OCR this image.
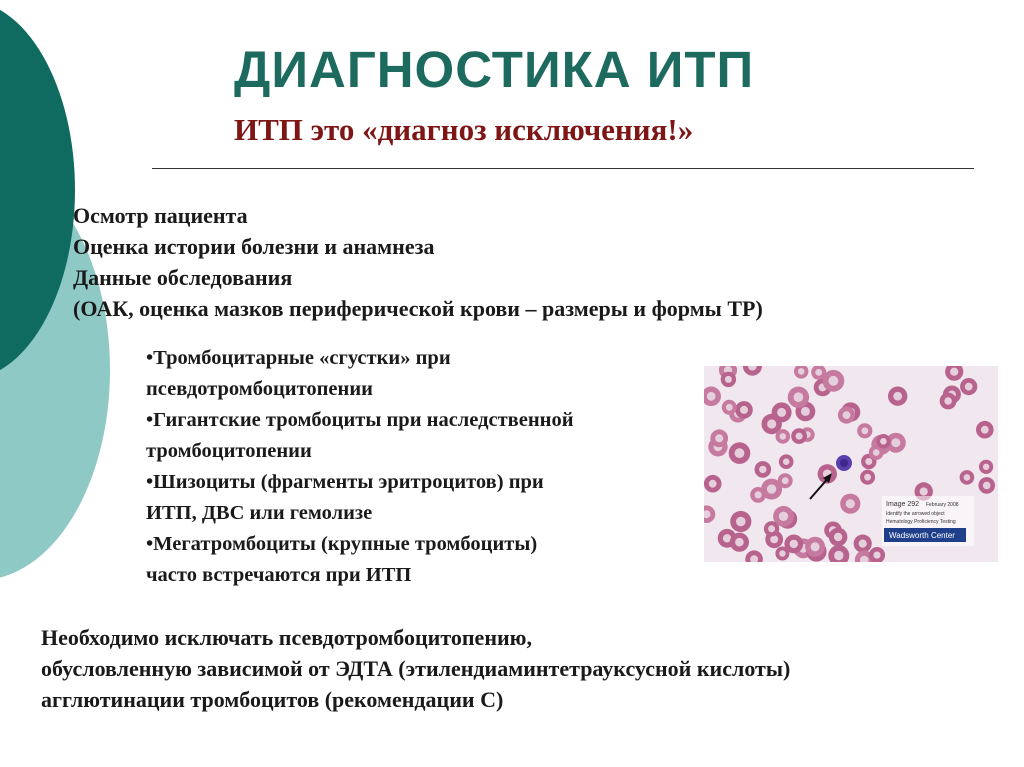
ДИАГНОСТИКА ИТП
ИТП это «диагноз исключения!»
Осмотр пациента
Оценка истории болезни и анамнеза
Данные обследования
(ОАК, оценка мазков периферической крови – размеры и формы ТР)
•Тромбоцитарные «сгустки» при
псевдотромбоцитопении
•Гигантские тромбоциты при наследственной
тромбоцитопении
•Шизоциты (фрагменты эритроцитов) при
ИТП, ДВС или гемолизе
•Мегатромбоциты (крупные тромбоциты)
часто встречаются при ИТП
Image 292 February 2008
Identify the arrowed object
Hematology Proficiency Testing
Wadsworth Center
Необходимо исключать псевдотромбоцитопению,
обусловленную зависимой от ЭДТА (этилендиаминтетрауксусной кислоты)
агглютинации тромбоцитов (рекомендации С)
